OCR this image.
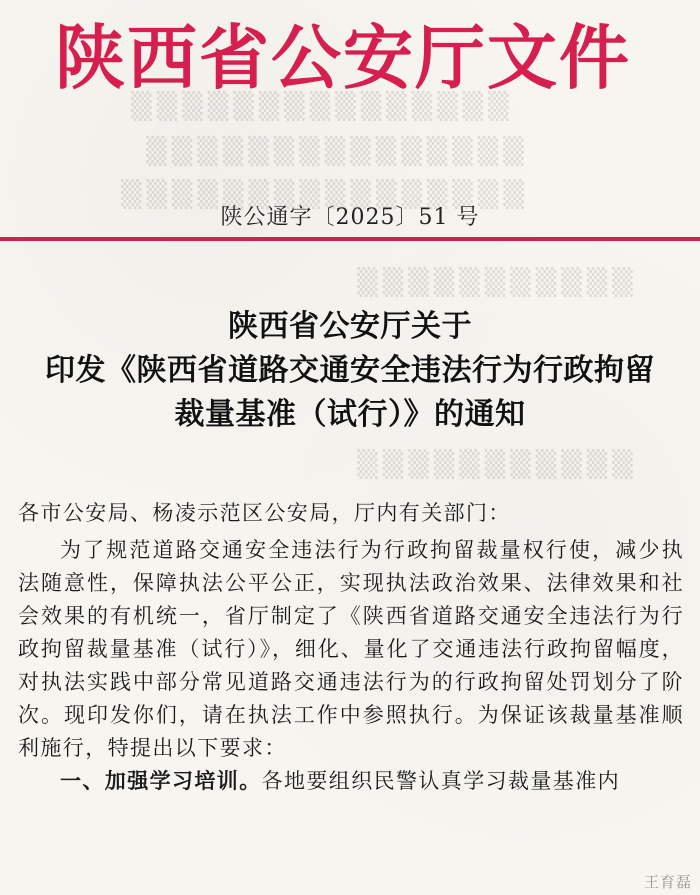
▒▒▒▒▒▒▒▒▒▒▒▒▒▒▒
▒▒▒▒▒▒▒▒▒▒▒▒▒▒▒
▒▒▒▒▒▒▒▒▒▒▒▒▒▒▒▒
▒▒▒▒▒▒▒▒▒▒▒
▒▒▒▒▒▒▒▒▒▒▒
陕西省公安厅文件
陕公通字〔2025〕51 号
陕西省公安厅关于
印发《陕西省道路交通安全违法行为行政拘留
裁量基准（试行）》的通知

各市公安局、杨凌示范区公安局，厅内有关部门：

为了规范道路交通安全违法行为行政拘留裁量权行使，减少执法随意性，保障执法公平公正，实现执法政治效果、法律效果和社会效果的有机统一，省厅制定了《陕西省道路交通安全违法行为行政拘留裁量基准（试行）》，细化、量化了交通违法行政拘留幅度，对执法实践中部分常见道路交通违法行为的行政拘留处罚划分了阶次。现印发你们，请在执法工作中参照执行。为保证该裁量基准顺利施行，特提出以下要求：

一、加强学习培训。各地要组织民警认真学习裁量基准内

王育磊
